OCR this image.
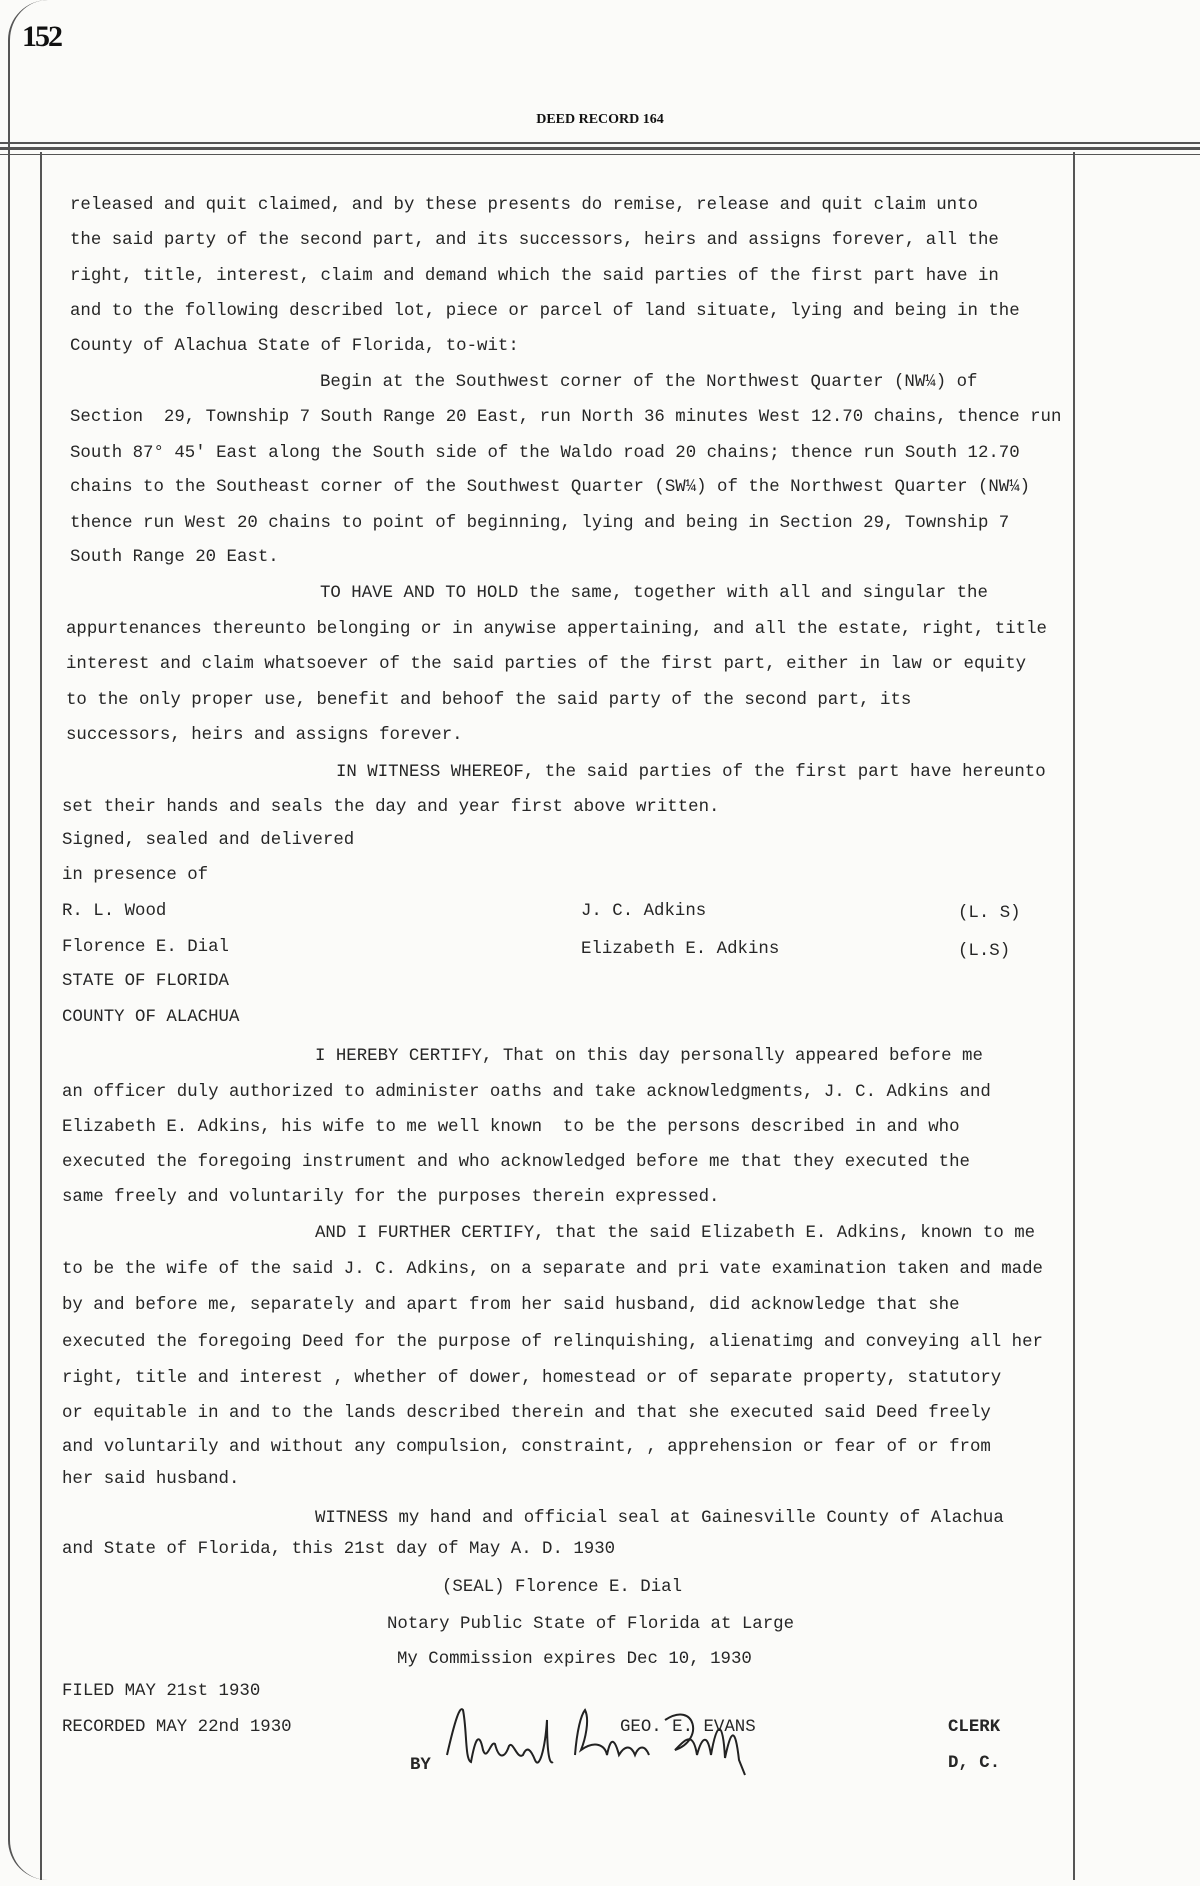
152
DEED RECORD 164
released and quit claimed, and by these presents do remise, release and quit claim unto
the said party of the second part, and its successors, heirs and assigns forever, all the
right, title, interest, claim and demand which the said parties of the first part have in
and to the following described lot, piece or parcel of land situate, lying and being in the
County of Alachua State of Florida, to-wit:
Begin at the Southwest corner of the Northwest Quarter (NW¼) of
Section  29, Township 7 South Range 20 East, run North 36 minutes West 12.70 chains, thence run
South 87° 45' East along the South side of the Waldo road 20 chains; thence run South 12.70
chains to the Southeast corner of the Southwest Quarter (SW¼) of the Northwest Quarter (NW¼)
thence run West 20 chains to point of beginning, lying and being in Section 29, Township 7
South Range 20 East.
TO HAVE AND TO HOLD the same, together with all and singular the
appurtenances thereunto belonging or in anywise appertaining, and all the estate, right, title
interest and claim whatsoever of the said parties of the first part, either in law or equity
to the only proper use, benefit and behoof the said party of the second part, its
successors, heirs and assigns forever.
IN WITNESS WHEREOF, the said parties of the first part have hereunto
set their hands and seals the day and year first above written.
Signed, sealed and delivered
in presence of
R. L. Wood	J. C. Adkins	(L. S)
Florence E. Dial	Elizabeth E. Adkins	(L.S)
STATE OF FLORIDA
COUNTY OF ALACHUA
I HEREBY CERTIFY, That on this day personally appeared before me
an officer duly authorized to administer oaths and take acknowledgments, J. C. Adkins and
Elizabeth E. Adkins, his wife to me well known  to be the persons described in and who
executed the foregoing instrument and who acknowledged before me that they executed the
same freely and voluntarily for the purposes therein expressed.
AND I FURTHER CERTIFY, that the said Elizabeth E. Adkins, known to me
to be the wife of the said J. C. Adkins, on a separate and pri vate examination taken and made
by and before me, separately and apart from her said husband, did acknowledge that she
executed the foregoing Deed for the purpose of relinquishing, alienatimg and conveying all her
right, title and interest , whether of dower, homestead or of separate property, statutory
or equitable in and to the lands described therein and that she executed said Deed freely
and voluntarily and without any compulsion, constraint, , apprehension or fear of or from
her said husband.
WITNESS my hand and official seal at Gainesville County of Alachua
and State of Florida, this 21st day of May A. D. 1930
(SEAL) Florence E. Dial
Notary Public State of Florida at Large
My Commission expires Dec 10, 1930
FILED MAY 21st 1930
RECORDED MAY 22nd 1930	GEO. E. EVANS	CLERK
BY	D, C.
